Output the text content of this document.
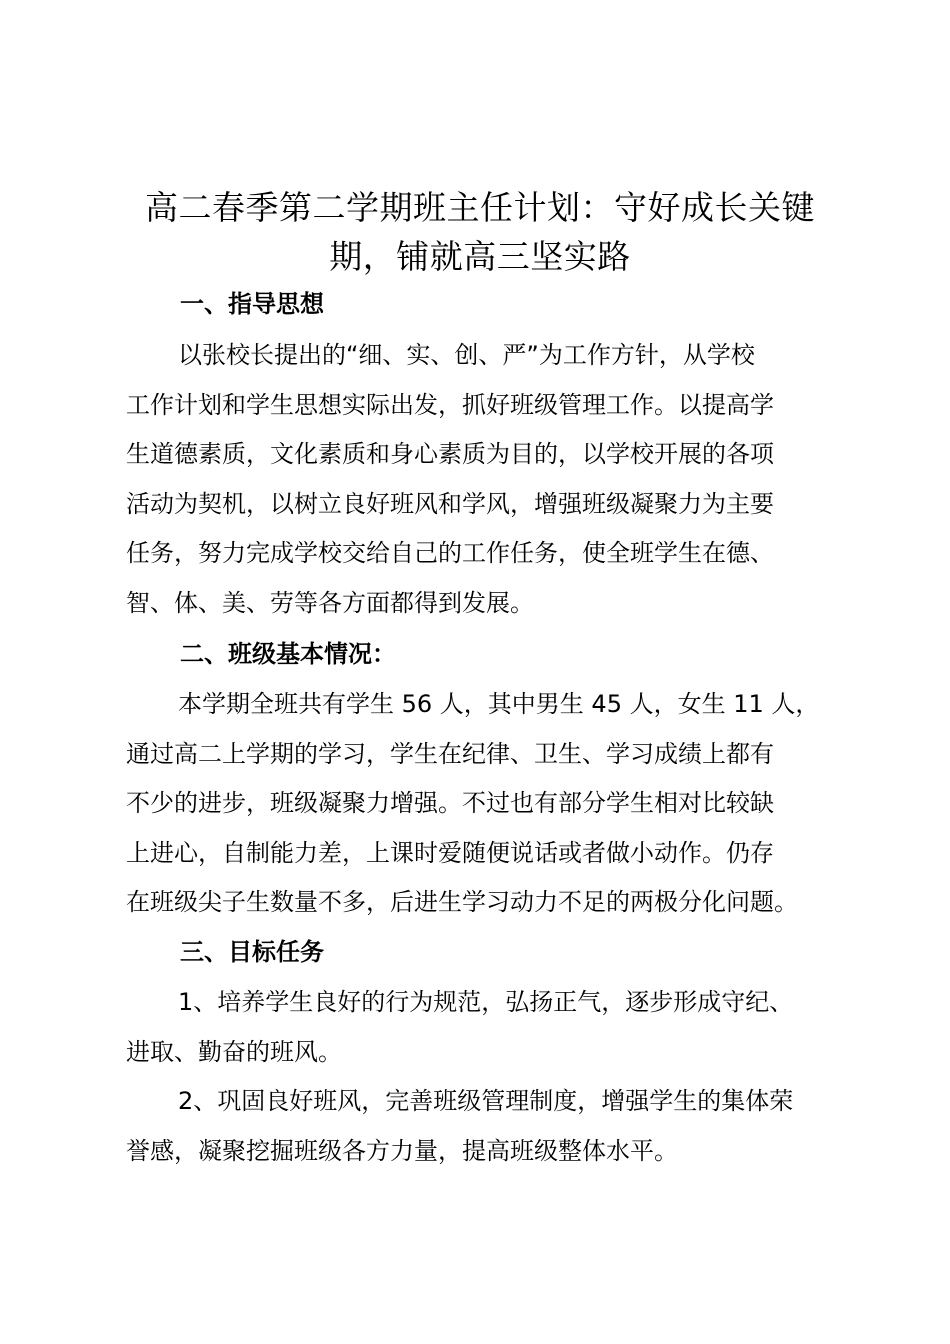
高二春季第二学期班主任计划：守好成长关键
期，铺就高三坚实路
一、指导思想
以张校长提出的“细、实、创、严”为工作方针，从学校
工作计划和学生思想实际出发，抓好班级管理工作。以提高学
生道德素质，文化素质和身心素质为目的，以学校开展的各项
活动为契机，以树立良好班风和学风，增强班级凝聚力为主要
任务，努力完成学校交给自己的工作任务，使全班学生在德、
智、体、美、劳等各方面都得到发展。
二、班级基本情况：
本学期全班共有学生 56 人，其中男生 45 人，女生 11 人，
通过高二上学期的学习，学生在纪律、卫生、学习成绩上都有
不少的进步，班级凝聚力增强。不过也有部分学生相对比较缺
上进心，自制能力差，上课时爱随便说话或者做小动作。仍存
在班级尖子生数量不多，后进生学习动力不足的两极分化问题。
三、目标任务
1、培养学生良好的行为规范，弘扬正气，逐步形成守纪、
进取、勤奋的班风。
2、巩固良好班风，完善班级管理制度，增强学生的集体荣
誉感，凝聚挖掘班级各方力量，提高班级整体水平。
